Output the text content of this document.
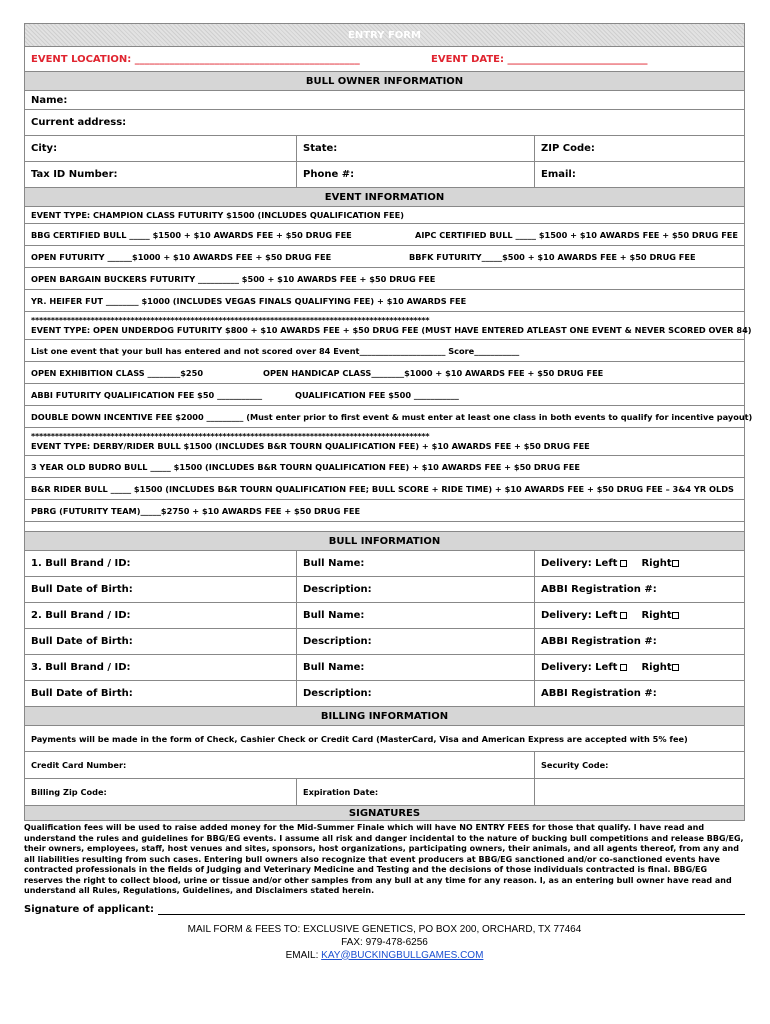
ENTRY FORM
EVENT LOCATION: _____________________________________________	EVENT DATE: ____________________________
BULL OWNER INFORMATION
Name:
Current address:
City:	State:	ZIP Code:
Tax ID Number:	Phone #:	Email:
EVENT INFORMATION
EVENT TYPE: CHAMPION CLASS FUTURITY $1500 (INCLUDES QUALIFICATION FEE)
BBG CERTIFIED BULL _____ $1500 + $10 AWARDS FEE + $50 DRUG FEE	AIPC CERTIFIED BULL _____ $1500 + $10 AWARDS FEE + $50 DRUG FEE
OPEN FUTURITY ______$1000 + $10 AWARDS FEE + $50 DRUG FEE	BBFK FUTURITY_____$500 + $10 AWARDS FEE + $50 DRUG FEE
OPEN BARGAIN BUCKERS FUTURITY __________ $500 + $10 AWARDS FEE + $50 DRUG FEE
YR. HEIFER FUT ________ $1000 (INCLUDES VEGAS FINALS QUALIFYING FEE) + $10 AWARDS FEE
****************************************************************************************************
EVENT TYPE: OPEN UNDERDOG FUTURITY $800 + $10 AWARDS FEE + $50 DRUG FEE (MUST HAVE ENTERED ATLEAST ONE EVENT & NEVER SCORED OVER 84)
List one event that your bull has entered and not scored over 84 Event_____________________ Score___________
OPEN EXHIBITION CLASS ________$250	OPEN HANDICAP CLASS________$1000 + $10 AWARDS FEE + $50 DRUG FEE
ABBI FUTURITY QUALIFICATION FEE $50 ___________	QUALIFICATION FEE $500 ___________
DOUBLE DOWN INCENTIVE FEE $2000 _________ (Must enter prior to first event & must enter at least one class in both events to qualify for incentive payout)
****************************************************************************************************
EVENT TYPE: DERBY/RIDER BULL $1500 (INCLUDES B&R TOURN QUALIFICATION FEE) + $10 AWARDS FEE + $50 DRUG FEE
3 YEAR OLD BUDRO BULL _____ $1500 (INCLUDES B&R TOURN QUALIFICATION FEE) + $10 AWARDS FEE + $50 DRUG FEE
B&R RIDER BULL _____ $1500 (INCLUDES B&R TOURN QUALIFICATION FEE; BULL SCORE + RIDE TIME) + $10 AWARDS FEE + $50 DRUG FEE – 3&4 YR OLDS
PBRG (FUTURITY TEAM)_____$2750 + $10 AWARDS FEE + $50 DRUG FEE
BULL INFORMATION
1. Bull Brand / ID:	Bull Name:	Delivery: Left Right
Bull Date of Birth:	Description:	ABBI Registration #:
2. Bull Brand / ID:	Bull Name:	Delivery: Left Right
Bull Date of Birth:	Description:	ABBI Registration #:
3. Bull Brand / ID:	Bull Name:	Delivery: Left Right
Bull Date of Birth:	Description:	ABBI Registration #:
BILLING INFORMATION
Payments will be made in the form of Check, Cashier Check or Credit Card (MasterCard, Visa and American Express are accepted with 5% fee)
Credit Card Number:	Security Code:
Billing Zip Code:	Expiration Date:
SIGNATURES
Qualification fees will be used to raise added money for the Mid-Summer Finale which will have NO ENTRY FEES for those that qualify. I have read and understand the rules and guidelines for BBG/EG events. I assume all risk and danger incidental to the nature of bucking bull competitions and release BBG/EG, their owners, employees, staff, host venues and sites, sponsors, host organizations, participating owners, their animals, and all agents thereof, from any and all liabilities resulting from such cases. Entering bull owners also recognize that event producers at BBG/EG sanctioned and/or co-sanctioned events have contracted professionals in the fields of Judging and Veterinary Medicine and Testing and the decisions of those individuals contracted is final. BBG/EG reserves the right to collect blood, urine or tissue and/or other samples from any bull at any time for any reason. I, as an entering bull owner have read and understand all Rules, Regulations, Guidelines, and Disclaimers stated herein.
Signature of applicant:
MAIL FORM & FEES TO: EXCLUSIVE GENETICS, PO BOX 200, ORCHARD, TX 77464
FAX: 979-478-6256
EMAIL: KAY@BUCKINGBULLGAMES.COM
